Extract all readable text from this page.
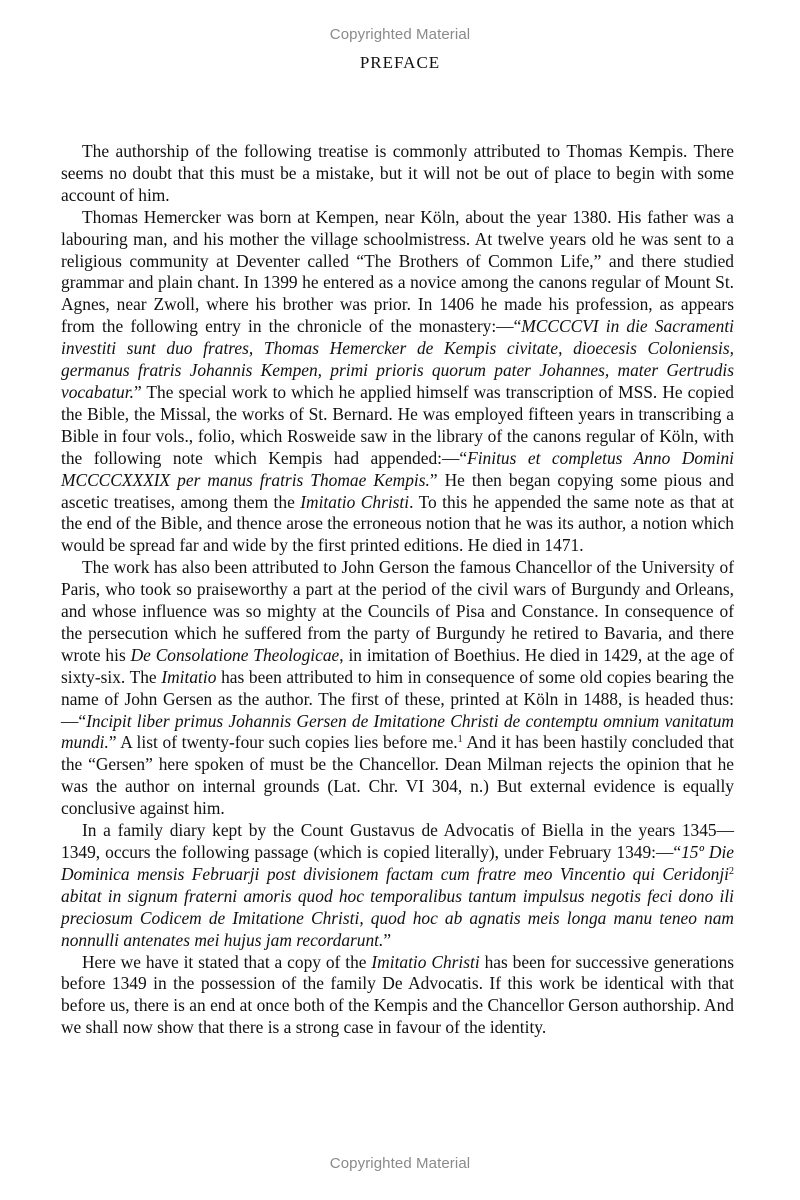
Copyrighted Material
PREFACE

The authorship of the following treatise is commonly attributed to Thomas Kempis. There seems no doubt that this must be a mistake, but it will not be out of place to begin with some account of him.

Thomas Hemercker was born at Kempen, near Köln, about the year 1380. His father was a labouring man, and his mother the village schoolmistress. At twelve years old he was sent to a religious community at Deventer called “The Brothers of Common Life,” and there studied grammar and plain chant. In 1399 he entered as a novice among the canons regular of Mount St. Agnes, near Zwoll, where his brother was prior. In 1406 he made his profession, as appears from the following entry in the chronicle of the monastery:—“MCCCCVI in die Sacramenti investiti sunt duo fratres, Thomas Hemercker de Kempis civitate, dioecesis Coloniensis, germanus fratris Johannis Kempen, primi prioris quorum pater Johannes, mater Gertrudis vocabatur.” The special work to which he applied himself was transcription of MSS. He copied the Bible, the Missal, the works of St. Bernard. He was employed fifteen years in transcribing a Bible in four vols., folio, which Rosweide saw in the library of the canons regular of Köln, with the following note which Kempis had appended:—“Finitus et completus Anno Domini MCCCCXXXIX per manus fratris Thomae Kempis.” He then began copying some pious and ascetic treatises, among them the Imitatio Christi. To this he appended the same note as that at the end of the Bible, and thence arose the erroneous notion that he was its author, a notion which would be spread far and wide by the first printed editions. He died in 1471.

The work has also been attributed to John Gerson the famous Chancellor of the University of Paris, who took so praiseworthy a part at the period of the civil wars of Burgundy and Orleans, and whose influence was so mighty at the Councils of Pisa and Constance. In consequence of the persecution which he suffered from the party of Burgundy he retired to Bavaria, and there wrote his De Consolatione Theologicae, in imitation of Boethius. He died in 1429, at the age of sixty-six. The Imitatio has been attributed to him in consequence of some old copies bearing the name of John Gersen as the author. The first of these, printed at Köln in 1488, is headed thus:—“Incipit liber primus Johannis Gersen de Imitatione Christi de contemptu omnium vanitatum mundi.” A list of twenty-four such copies lies before me.$^1$ And it has been hastily concluded that the “Gersen” here spoken of must be the Chancellor. Dean Milman rejects the opinion that he was the author on internal grounds (Lat. Chr. VI 304, n.) But external evidence is equally conclusive against him.

In a family diary kept by the Count Gustavus de Advocatis of Biella in the years 1345—1349, occurs the following passage (which is copied literally), under February 1349:—“15º Die Dominica mensis Februarji post divisionem factam cum fratre meo Vincentio qui Ceridonji$^2$ abitat in signum fraterni amoris quod hoc temporalibus tantum impulsus negotis feci dono ili preciosum Codicem de Imitatione Christi, quod hoc ab agnatis meis longa manu teneo nam nonnulli antenates mei hujus jam recordarunt.”

Here we have it stated that a copy of the Imitatio Christi has been for successive generations before 1349 in the possession of the family De Advocatis. If this work be identical with that before us, there is an end at once both of the Kempis and the Chancellor Gerson authorship. And we shall now show that there is a strong case in favour of the identity.

Copyrighted Material
